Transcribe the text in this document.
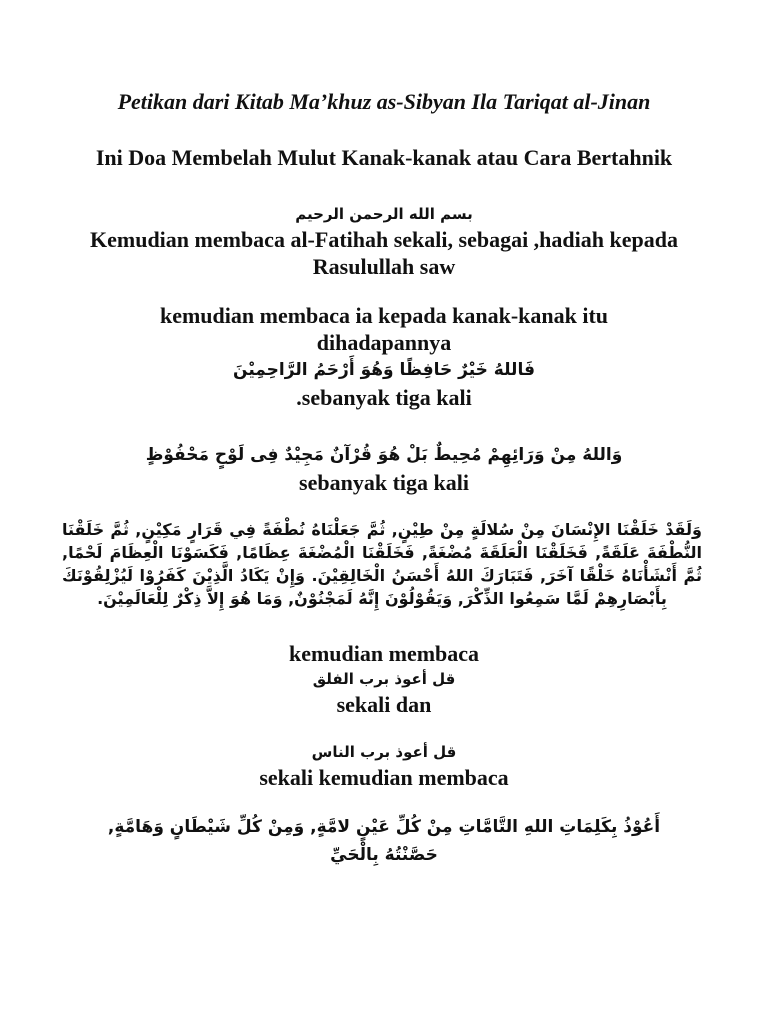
Petikan dari Kitab Ma’khuz as-Sibyan Ila Tariqat al-Jinan

Ini Doa Membelah Mulut Kanak-kanak atau Cara Bertahnik

بسم الله الرحمن الرحيم

Kemudian membaca al-Fatihah sekali, sebagai ,hadiah kepada Rasulullah saw

kemudian membaca ia kepada kanak-kanak itu dihadapannya

فَاللهُ خَيْرٌ حَافِظًا وَهُوَ أَرْحَمُ الرَّاحِمِيْنَ

.sebanyak tiga kali

وَاللهُ مِنْ وَرَائِهِمْ مُحِيطٌ بَلْ هُوَ قُرْآنٌ مَجِيْدٌ فِى لَوْحٍ مَحْفُوْظٍ

sebanyak tiga kali

وَلَقَدْ خَلَقْنَا الإِنْسَانَ مِنْ سُلالَةٍ مِنْ طِيْنٍ, ثُمَّ جَعَلْنَاهُ نُطْفَةً فِي قَرَارٍ مَكِيْنٍ, ثُمَّ خَلَقْنَا النُّطْفَةَ عَلَقَةً, فَخَلَقْنَا الْعَلَقَةَ مُضْغَةً, فَخَلَقْنَا الْمُضْغَةَ عِظَامًا, فَكَسَوْنَا الْعِظَامَ لَحْمًا, ثُمَّ أَنْشَأْنَاهُ خَلْقًا آخَرَ, فَتَبَارَكَ اللهُ أَحْسَنُ الْخَالِقِيْنَ. وَإِنْ يَكَادُ الَّذِيْنَ كَفَرُوْا لَيُزْلِقُوْنَكَ بِأَبْصَارِهِمْ لَمَّا سَمِعُوا الذِّكْرَ, وَيَقُوْلُوْنَ إِنَّهُ لَمَجْنُوْنٌ, وَمَا هُوَ إِلاَّ ذِكْرٌ لِلْعَالَمِيْنَ.

kemudian membaca

قل أعوذ برب الفلق

sekali dan

قل أعوذ برب الناس

sekali kemudian membaca

أَعُوْذُ بِكَلِمَاتِ اللهِ التَّامَّاتِ مِنْ كُلِّ عَيْنٍ لامَّةٍ, وَمِنْ كُلِّ شَيْطَانٍ وَهَامَّةٍ, حَصَّنْتُهُ بِالْحَيِّ
